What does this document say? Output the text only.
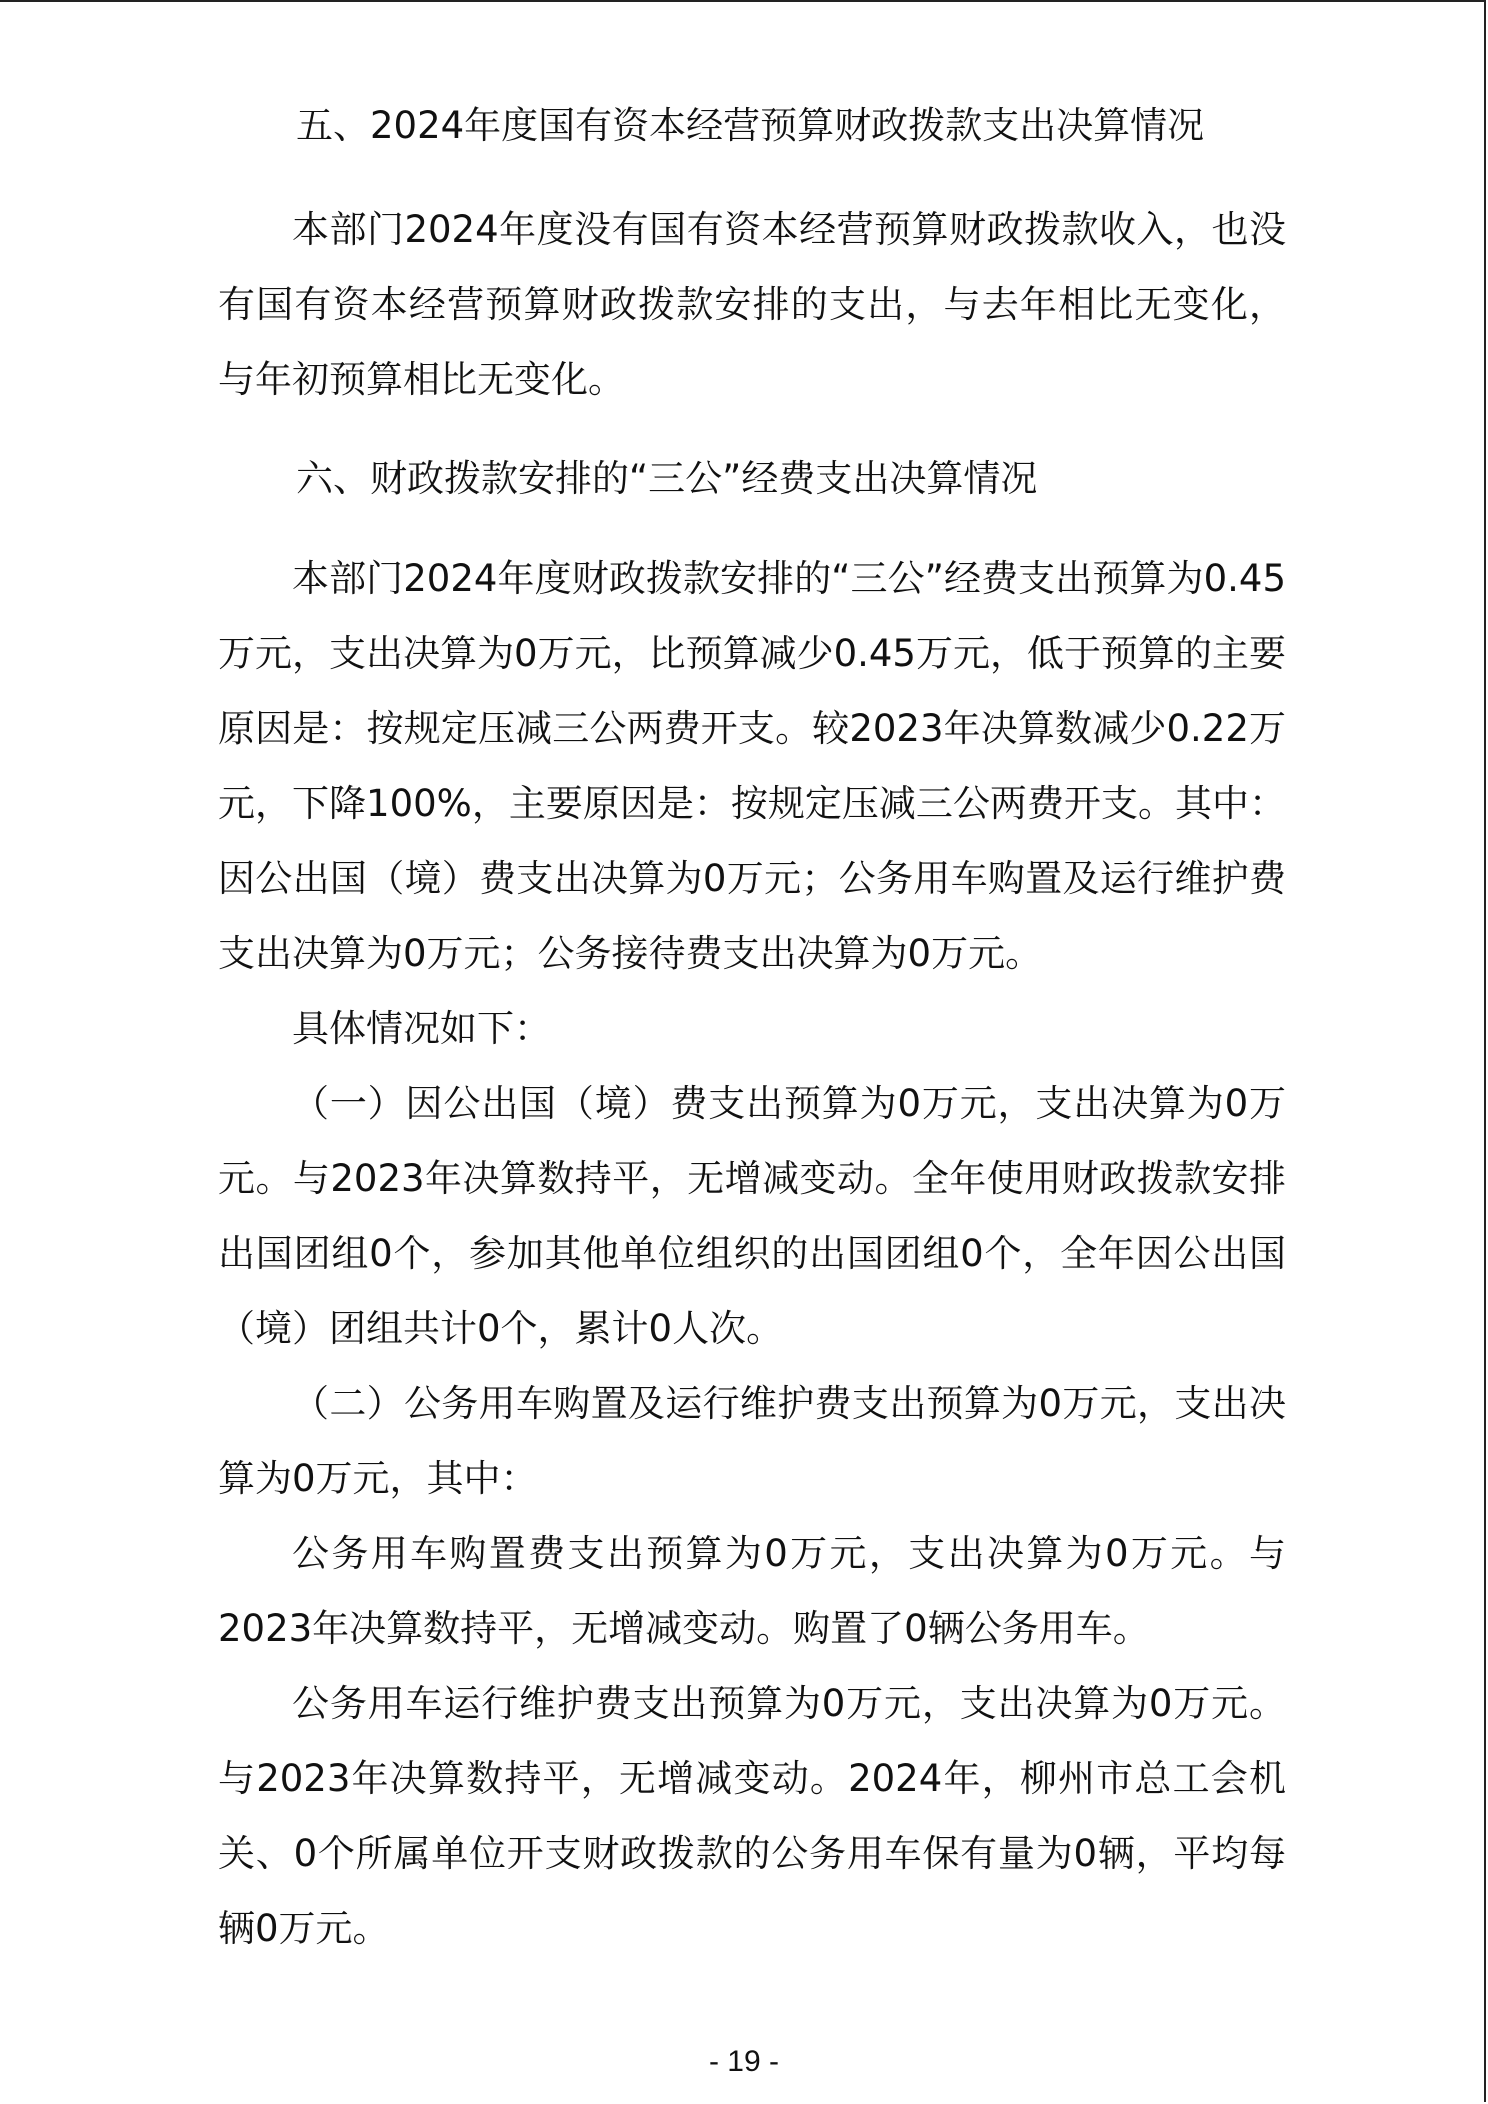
五、2024年度国有资本经营预算财政拨款支出决算情况

本部门2024年度没有国有资本经营预算财政拨款收入，也没有国有资本经营预算财政拨款安排的支出，与去年相比无变化，与年初预算相比无变化。

六、财政拨款安排的“三公”经费支出决算情况

本部门2024年度财政拨款安排的“三公”经费支出预算为0.45万元，支出决算为0万元，比预算减少0.45万元，低于预算的主要原因是：按规定压减三公两费开支。较2023年决算数减少0.22万元，下降100%，主要原因是：按规定压减三公两费开支。其中：因公出国（境）费支出决算为0万元；公务用车购置及运行维护费支出决算为0万元；公务接待费支出决算为0万元。

具体情况如下：

（一）因公出国（境）费支出预算为0万元，支出决算为0万元。与2023年决算数持平，无增减变动。全年使用财政拨款安排出国团组0个，参加其他单位组织的出国团组0个，全年因公出国（境）团组共计0个，累计0人次。

（二）公务用车购置及运行维护费支出预算为0万元，支出决算为0万元，其中：

公务用车购置费支出预算为0万元，支出决算为0万元。与2023年决算数持平，无增减变动。购置了0辆公务用车。

公务用车运行维护费支出预算为0万元，支出决算为0万元。与2023年决算数持平，无增减变动。2024年，柳州市总工会机关、0个所属单位开支财政拨款的公务用车保有量为0辆，平均每辆0万元。

- 19 -
